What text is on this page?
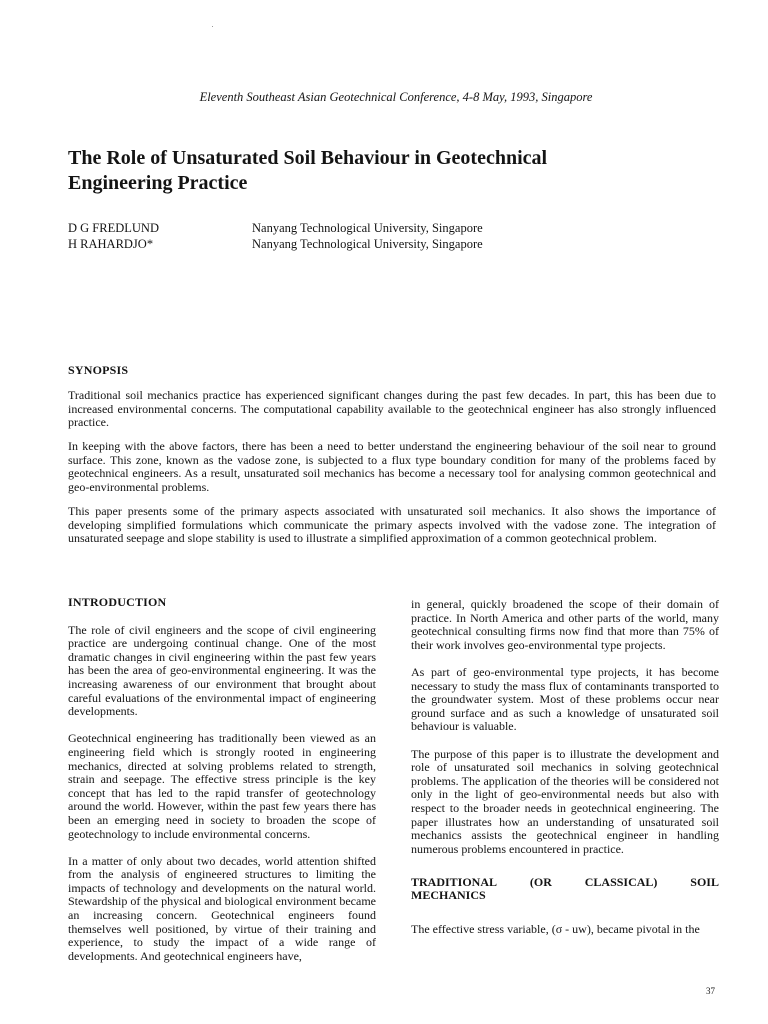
Eleventh Southeast Asian Geotechnical Conference, 4-8 May, 1993, Singapore
The Role of Unsaturated Soil Behaviour in Geotechnical
Engineering Practice
D G FREDLUND	Nanyang Technological University, Singapore
H RAHARDJO*	Nanyang Technological University, Singapore
SYNOPSIS

Traditional soil mechanics practice has experienced significant changes during the past few decades. In part, this has been due to increased environmental concerns. The computational capability available to the geotechnical engineer has also strongly influenced practice.

In keeping with the above factors, there has been a need to better understand the engineering behaviour of the soil near to ground surface. This zone, known as the vadose zone, is subjected to a flux type boundary condition for many of the problems faced by geotechnical engineers. As a result, unsaturated soil mechanics has become a necessary tool for analysing common geotechnical and geo-environmental problems.

This paper presents some of the primary aspects associated with unsaturated soil mechanics. It also shows the importance of developing simplified formulations which communicate the primary aspects involved with the vadose zone. The integration of unsaturated seepage and slope stability is used to illustrate a simplified approximation of a common geotechnical problem.

INTRODUCTION

The role of civil engineers and the scope of civil engineering practice are undergoing continual change. One of the most dramatic changes in civil engineering within the past few years has been the area of geo-environmental engineering. It was the increasing awareness of our environment that brought about careful evaluations of the environmental impact of engineering developments.

Geotechnical engineering has traditionally been viewed as an engineering field which is strongly rooted in engineering mechanics, directed at solving problems related to strength, strain and seepage. The effective stress principle is the key concept that has led to the rapid transfer of geotechnology around the world. However, within the past few years there has been an emerging need in society to broaden the scope of geotechnology to include environmental concerns.

In a matter of only about two decades, world attention shifted from the analysis of engineered structures to limiting the impacts of technology and developments on the natural world. Stewardship of the physical and biological environment became an increasing concern. Geotechnical engineers found themselves well positioned, by virtue of their training and experience, to study the impact of a wide range of developments. And geotechnical engineers have,

in general, quickly broadened the scope of their domain of practice. In North America and other parts of the world, many geotechnical consulting firms now find that more than 75% of their work involves geo-environmental type projects.

As part of geo-environmental type projects, it has become necessary to study the mass flux of contaminants transported to the groundwater system. Most of these problems occur near ground surface and as such a knowledge of unsaturated soil behaviour is valuable.

The purpose of this paper is to illustrate the development and role of unsaturated soil mechanics in solving geotechnical problems. The application of the theories will be considered not only in the light of geo-environmental needs but also with respect to the broader needs in geotechnical engineering. The paper illustrates how an understanding of unsaturated soil mechanics assists the geotechnical engineer in handling numerous problems encountered in practice.

TRADITIONAL	(OR	CLASSICAL)	SOIL
MECHANICS

The effective stress variable, (σ - uw), became pivotal in the

37
